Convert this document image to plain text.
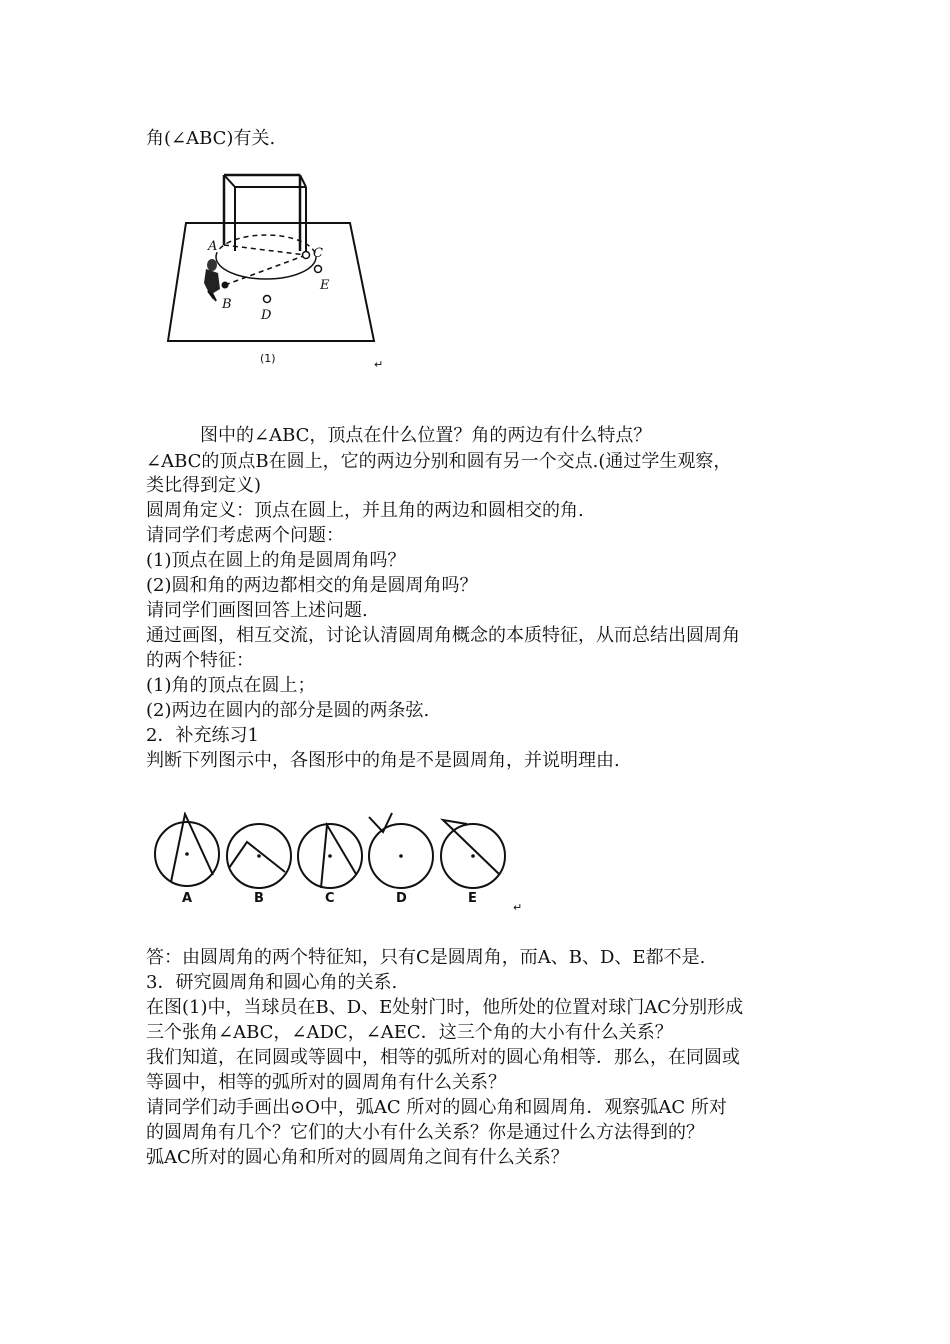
角(∠ABC)有关.
A
B
C
D
E
(1)	↵
图中的∠ABC，顶点在什么位置？角的两边有什么特点？
∠ABC的顶点B在圆上，它的两边分别和圆有另一个交点.(通过学生观察，
类比得到定义)
圆周角定义：顶点在圆上，并且角的两边和圆相交的角.
请同学们考虑两个问题：
(1)顶点在圆上的角是圆周角吗？
(2)圆和角的两边都相交的角是圆周角吗？
请同学们画图回答上述问题.
通过画图，相互交流，讨论认清圆周角概念的本质特征，从而总结出圆周角
的两个特征：
(1)角的顶点在圆上；
(2)两边在圆内的部分是圆的两条弦.
2．补充练习1
判断下列图示中，各图形中的角是不是圆周角，并说明理由.
A	B	C	D	E
↵
答：由圆周角的两个特征知，只有C是圆周角，而A、B、D、E都不是.
3．研究圆周角和圆心角的关系.
在图(1)中，当球员在B、D、E处射门时，他所处的位置对球门AC分别形成
三个张角∠ABC，∠ADC，∠AEC．这三个角的大小有什么关系？
我们知道，在同圆或等圆中，相等的弧所对的圆心角相等．那么，在同圆或
等圆中，相等的弧所对的圆周角有什么关系？
请同学们动手画出⊙O中，弧AC 所对的圆心角和圆周角．观察弧AC 所对
的圆周角有几个？它们的大小有什么关系？你是通过什么方法得到的？
弧AC所对的圆心角和所对的圆周角之间有什么关系？
